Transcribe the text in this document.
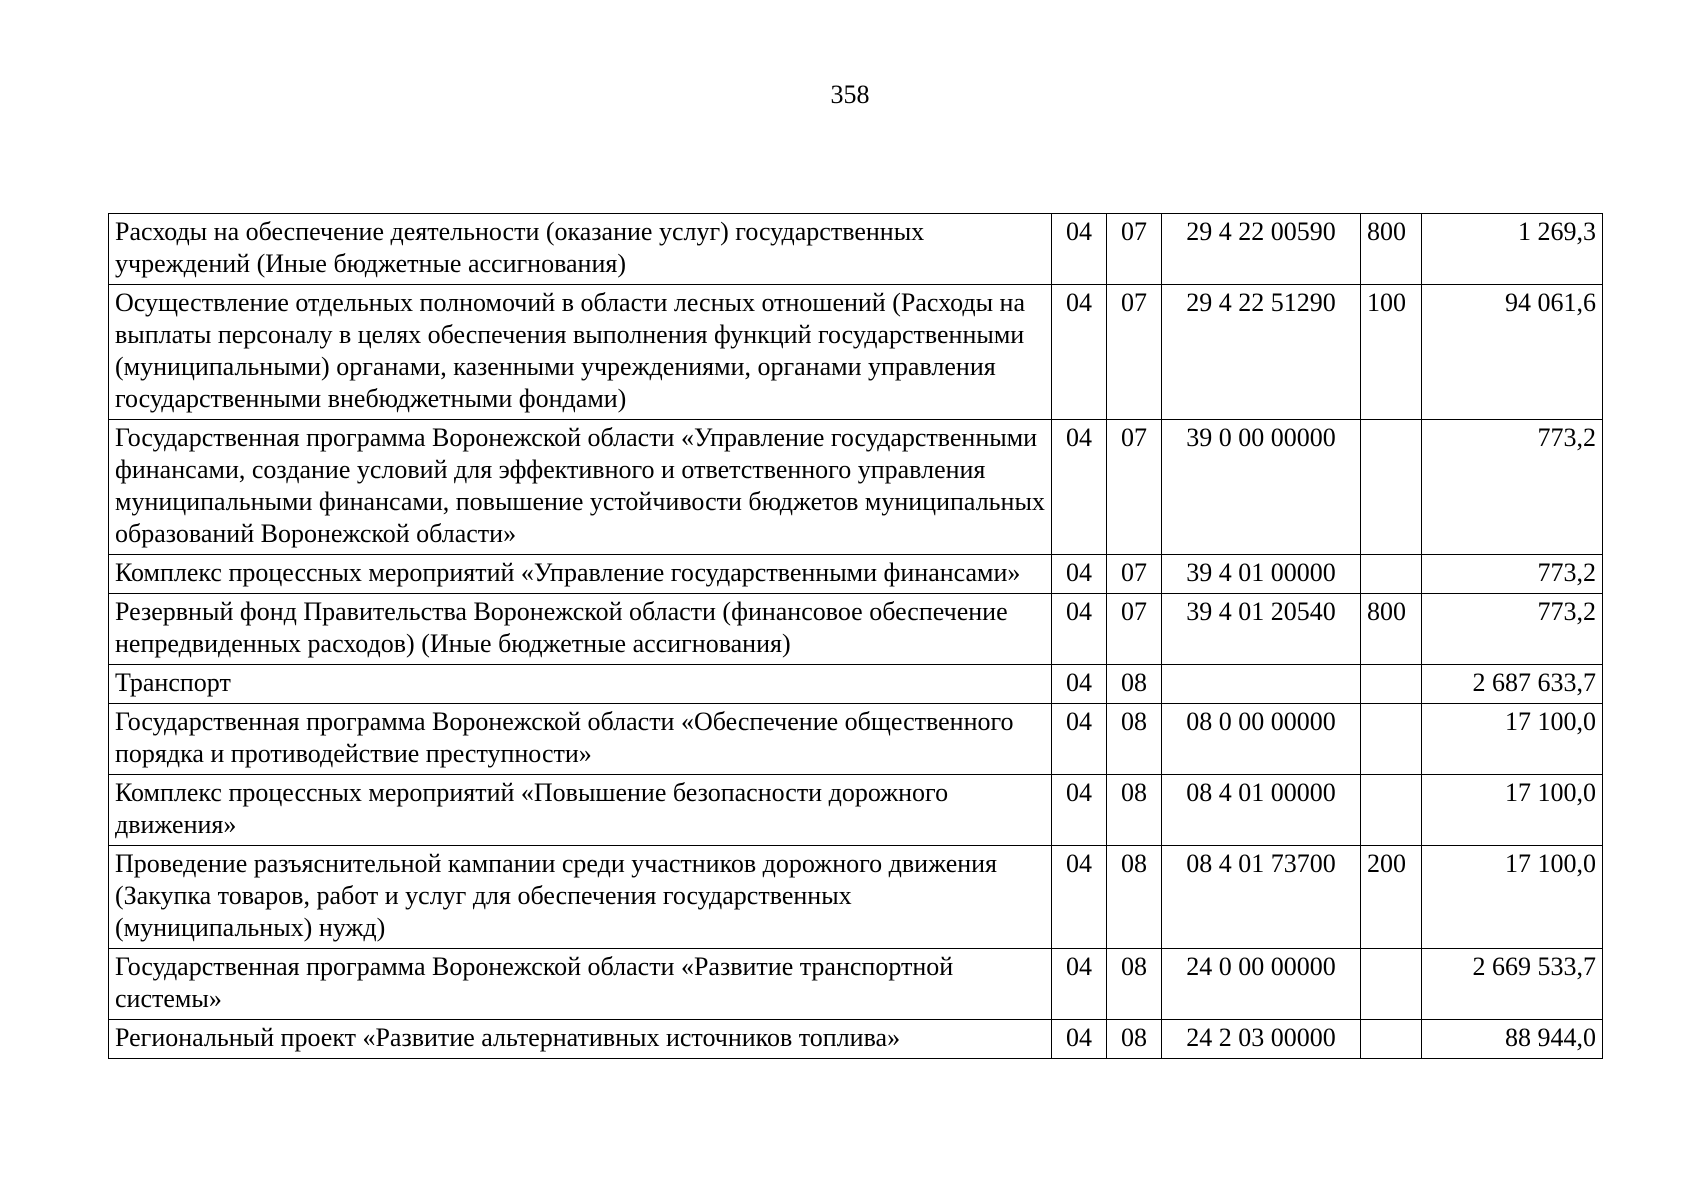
358
Расходы на обеспечение деятельности (оказание услуг) государственных учреждений (Иные бюджетные ассигнования)	04	07	29 4 22 00590	800	1 269,3
Осуществление отдельных полномочий в области лесных отношений (Расходы на выплаты персоналу в целях обеспечения выполнения функций государственными (муниципальными) органами, казенными учреждениями, органами управления государственными внебюджетными фондами)	04	07	29 4 22 51290	100	94 061,6
Государственная программа Воронежской области «Управление государственными финансами, создание условий для эффективного и ответственного управления муниципальными финансами, повышение устойчивости бюджетов муниципальных образований Воронежской области»	04	07	39 0 00 00000		773,2
Комплекс процессных мероприятий «Управление государственными финансами»	04	07	39 4 01 00000		773,2
Резервный фонд Правительства Воронежской области (финансовое обеспечение непредвиденных расходов) (Иные бюджетные ассигнования)	04	07	39 4 01 20540	800	773,2
Транспорт	04	08			2 687 633,7
Государственная программа Воронежской области «Обеспечение общественного порядка и противодействие преступности»	04	08	08 0 00 00000		17 100,0
Комплекс процессных мероприятий «Повышение безопасности дорожного движения»	04	08	08 4 01 00000		17 100,0
Проведение разъяснительной кампании среди участников дорожного движения (Закупка товаров, работ и услуг для обеспечения государственных (муниципальных) нужд)	04	08	08 4 01 73700	200	17 100,0
Государственная программа Воронежской области «Развитие транспортной системы»	04	08	24 0 00 00000		2 669 533,7
Региональный проект «Развитие альтернативных источников топлива»	04	08	24 2 03 00000		88 944,0
